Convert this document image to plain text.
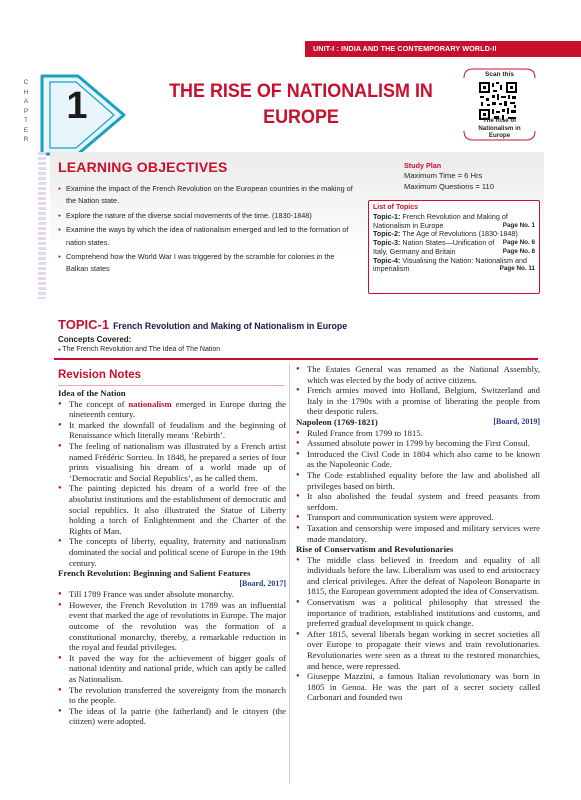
UNIT-I : INDIA AND THE CONTEMPORARY WORLD-II
CHAPTER
1	THE RISE OF NATIONALISM IN
EUROPE
Scan this
The Rise of
Nationalism in
Europe
LEARNING OBJECTIVES
● Examine the impact of the French Revolution on the European countries in the making of the Nation state.
● Explore the nature of the diverse social movements of the time. (1830-1848)
● Examine the ways by which the idea of nationalism emerged and led to the formation of nation states.
● Comprehend how the World War I was triggered by the scramble for colonies in the Balkan states
Study Plan
Maximum Time = 6 Hrs
Maximum Questions = 110
List of Topics
Topic-1: French Revolution and Making of Nationalism in Europe	Page No. 1
Topic-2: The Age of Revolutions (1830-1848)
Page No. 6
Topic-3: Nation States—Unification of Italy, Germany and Britain	Page No. 8
Topic-4: Visualising the Nation: Nationalism and imperialism	Page No. 11
TOPIC-1 French Revolution and Making of Nationalism in Europe
Concepts Covered:
● The French Revolution and The Idea of The Nation
Revision Notes
Idea of the Nation
● The concept of nationalism emerged in Europe during the nineteenth century.
● It marked the downfall of feudalism and the beginning of Renaissance which literally means ‘Rebirth’.
● The feeling of nationalism was illustrated by a French artist named Frédéric Sorrieu. In 1848, he prepared a series of four prints visualising his dream of a world made up of ‘Democratic and Social Republics’, as he called them.
● The painting depicted his dream of a world free of the absolutist institutions and the establishment of democratic and social republics. It also illustrated the Statue of Liberty holding a torch of Enlightenment and the Charter of the Rights of Man.
● The concepts of liberty, equality, fraternity and nationalism dominated the social and political scene of Europe in the 19th century.
French Revolution: Beginning and Salient Features
[Board, 2017]
● Till 1789 France was under absolute monarchy.
● However, the French Revolution in 1789 was an influential event that marked the age of revolutions in Europe. The major outcome of the revolution was the formation of a constitutional monarchy, thereby, a remarkable reduction in the royal and feudal privileges.
● It paved the way for the achievement of bigger goals of national identity and national pride, which can aptly be called as Nationalism.
● The revolution transferred the sovereignty from the monarch to the people.
● The ideas of la patrie (the fatherland) and le citoyen (the citizen) were adopted.
● The Estates General was renamed as the National Assembly, which was elected by the body of active citizens.
● French armies moved into Holland, Belgium, Switzerland and Italy in the 1790s with a promise of liberating the people from their despotic rulers.
Napoleon (1769-1821)	[Board, 2019]
● Ruled France from 1799 to 1815.
● Assumed absolute power in 1799 by becoming the First Consul.
● Introduced the Civil Code in 1804 which also came to be known as the Napoleonic Code.
● The Code established equality before the law and abolished all privileges based on birth.
● It also abolished the feudal system and freed peasants from serfdom.
● Transport and communication system were approved.
● Taxation and censorship were imposed and military services were made mandatory.
Rise of Conservatism and Revolutionaries
● The middle class believed in freedom and equality of all individuals before the law. Liberalism was used to end aristocracy and clerical privileges. After the defeat of Napoleon Bonaparte in 1815, the European government adopted the idea of Conservatism.
● Conservatism was a political philosophy that stressed the importance of tradition, established institutions and customs, and preferred gradual development to quick change.
● After 1815, several liberals began working in secret societies all over Europe to propagate their views and train revolutionaries. Revolutionaries were seen as a threat to the restored monarchies, and hence, were repressed.
● Giuseppe Mazzini, a famous Italian revolutionary was born in 1805 in Genoa. He was the part of a secret society called Carbonari and founded two
